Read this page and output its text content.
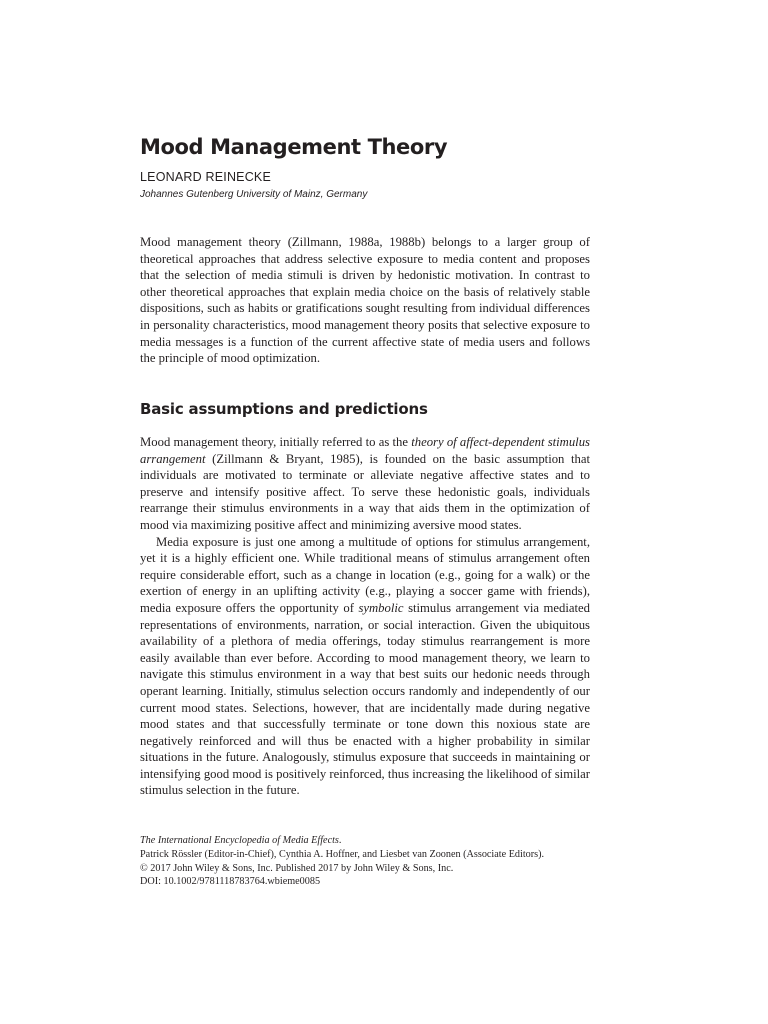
Mood Management Theory
LEONARD REINECKE
Johannes Gutenberg University of Mainz, Germany

Mood management theory (Zillmann, 1988a, 1988b) belongs to a larger group of theoretical approaches that address selective exposure to media content and proposes that the selection of media stimuli is driven by hedonistic motivation. In contrast to other theoretical approaches that explain media choice on the basis of relatively stable dispositions, such as habits or gratifications sought resulting from individual differences in personality characteristics, mood management theory posits that selective exposure to media messages is a function of the current affective state of media users and follows the principle of mood optimization.

Basic assumptions and predictions

Mood management theory, initially referred to as the theory of affect-dependent stimulus arrangement (Zillmann & Bryant, 1985), is founded on the basic assumption that individuals are motivated to terminate or alleviate negative affective states and to preserve and intensify positive affect. To serve these hedonistic goals, individuals rearrange their stimulus environments in a way that aids them in the optimization of mood via maximizing positive affect and minimizing aversive mood states.

Media exposure is just one among a multitude of options for stimulus arrangement, yet it is a highly efficient one. While traditional means of stimulus arrangement often require considerable effort, such as a change in location (e.g., going for a walk) or the exertion of energy in an uplifting activity (e.g., playing a soccer game with friends), media exposure offers the opportunity of symbolic stimulus arrangement via mediated representations of environments, narration, or social interaction. Given the ubiquitous availability of a plethora of media offerings, today stimulus rearrangement is more easily available than ever before. According to mood management theory, we learn to navigate this stimulus environment in a way that best suits our hedonic needs through operant learning. Initially, stimulus selection occurs randomly and independently of our current mood states. Selections, however, that are incidentally made during negative mood states and that successfully terminate or tone down this noxious state are negatively reinforced and will thus be enacted with a higher probability in similar situations in the future. Analogously, stimulus exposure that succeeds in maintaining or intensifying good mood is positively reinforced, thus increasing the likelihood of similar stimulus selection in the future.

The International Encyclopedia of Media Effects.
Patrick Rössler (Editor-in-Chief), Cynthia A. Hoffner, and Liesbet van Zoonen (Associate Editors).
© 2017 John Wiley & Sons, Inc. Published 2017 by John Wiley & Sons, Inc.
DOI: 10.1002/9781118783764.wbieme0085
